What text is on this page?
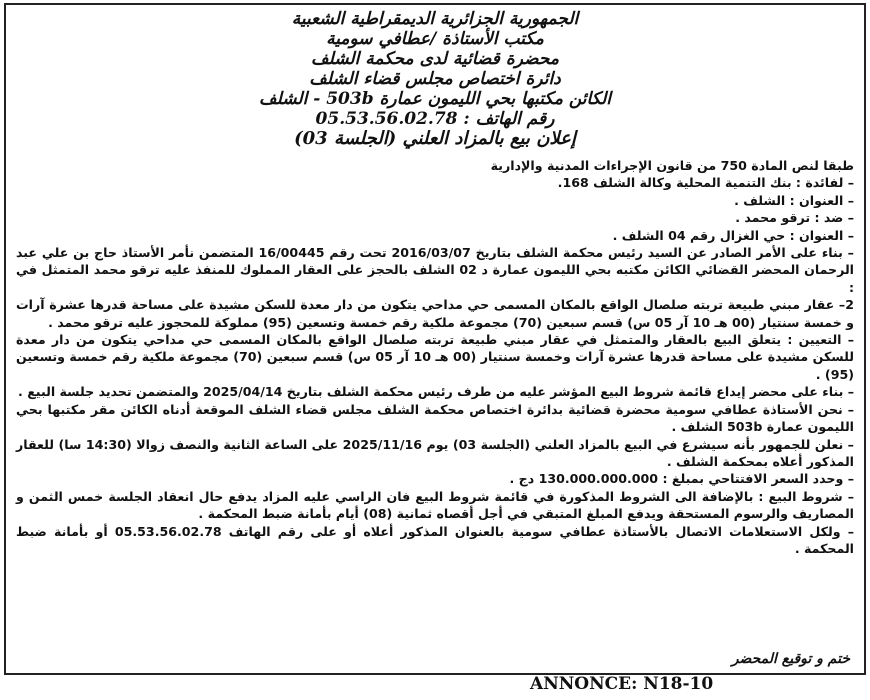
الجمهورية الجزائرية الديمقراطية الشعبية
مكتب الأستاذة /عطافي سومية
محضرة قضائية لدى محكمة الشلف
دائرة اختصاص مجلس قضاء الشلف
الكائن مكتبها بحي الليمون عمارة 503b - الشلف
رقم الهاتف : 05.53.56.02.78
إعلان بيع بالمزاد العلني (الجلسة 03)

طبقا لنص المادة 750 من قانون الإجراءات المدنية والإدارية

– لفائدة : بنك التنمية المحلية وكالة الشلف 168.

– العنوان : الشلف .

– ضد : ترقو محمد .

– العنوان : حي الغزال رقم 04 الشلف .

– بناء على الأمر الصادر عن السيد رئيس محكمة الشلف بتاريخ 2016/03/07 تحت رقم 16/00445 المتضمن نأمر الأستاذ حاج بن علي عبد الرحمان المحضر القضائي الكائن مكتبه بحي الليمون عمارة د 02 الشلف بالحجز على العقار المملوك للمنفذ عليه ترقو محمد المتمثل في :

2– عقار مبني طبيعة تربته صلصال الواقع بالمكان المسمى حي مداحي يتكون من دار معدة للسكن مشيدة على مساحة قدرها عشرة آرات و خمسة سنتيار (00 هـ 10 آر 05 س) قسم سبعين (70) مجموعة ملكية رقم خمسة وتسعين (95) مملوكة للمحجوز عليه ترقو محمد .

– التعيين : يتعلق البيع بالعقار والمتمثل في عقار مبني طبيعة تربته صلصال الواقع بالمكان المسمى حي مداحي يتكون من دار معدة للسكن مشيدة على مساحة قدرها عشرة آرات وخمسة سنتيار (00 هـ 10 آر 05 س) قسم سبعين (70) مجموعة ملكية رقم خمسة وتسعين (95) .

– بناء على محضر إيداع قائمة شروط البيع المؤشر عليه من طرف رئيس محكمة الشلف بتاريخ 2025/04/14 والمتضمن تحديد جلسة البيع .

– نحن الأستاذة عطافي سومية محضرة قضائية بدائرة اختصاص محكمة الشلف مجلس قضاء الشلف الموقعة أدناه الكائن مقر مكتبها بحي الليمون عمارة 503b الشلف .

– نعلن للجمهور بأنه سيشرع في البيع بالمزاد العلني (الجلسة 03) يوم 2025/11/16 على الساعة الثانية والنصف زوالا (14:30 سا) للعقار المذكور أعلاه بمحكمة الشلف .

– وحدد السعر الافتتاحي بمبلغ : 130.000.000.000 دج .

– شروط البيع : بالإضافة الى الشروط المذكورة في قائمة شروط البيع فان الراسي عليه المزاد يدفع حال انعقاد الجلسة خمس الثمن و المصاريف والرسوم المستحقة ويدفع المبلغ المتبقي في أجل أقصاه ثمانية (08) أيام بأمانة ضبط المحكمة .

– ولكل الاستعلامات الاتصال بالأستاذة عطافي سومية بالعنوان المذكور أعلاه أو على رقم الهاتف 05.53.56.02.78 أو بأمانة ضبط المحكمة .

ختم و توقيع المحضر
ANNONCE: N18-10
